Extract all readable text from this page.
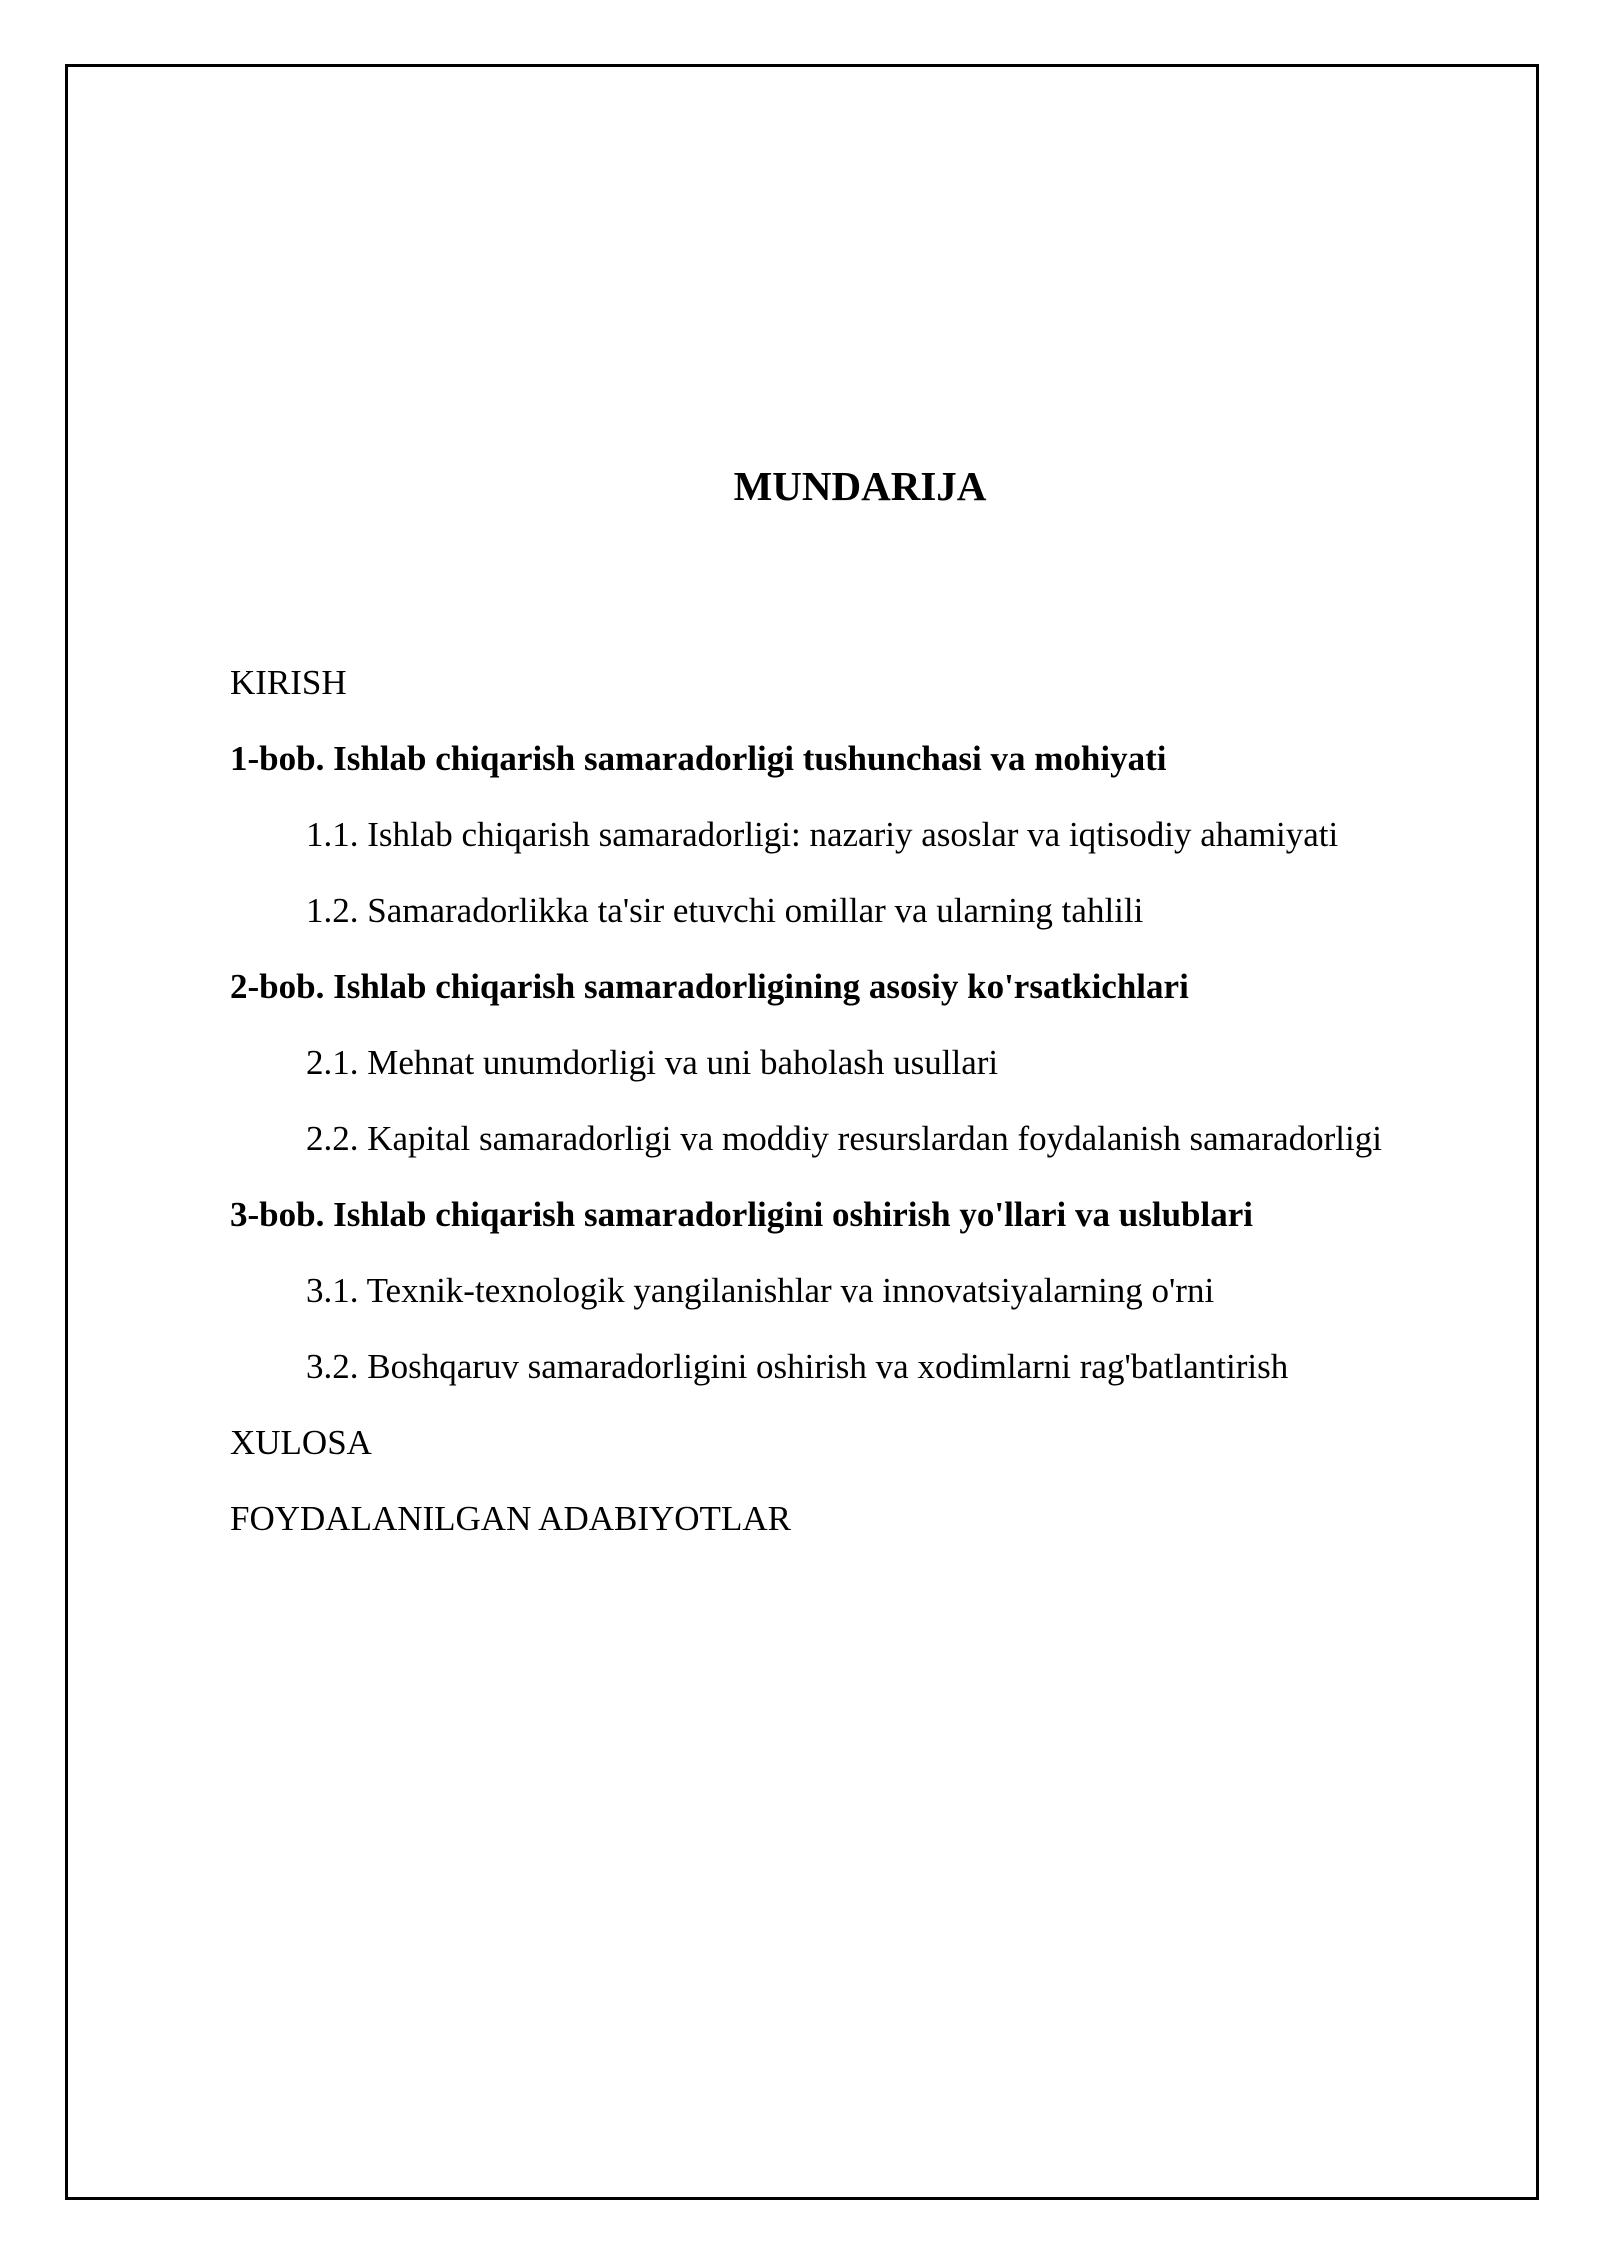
MUNDARIJA
KIRISH
1-bob. Ishlab chiqarish samaradorligi tushunchasi va mohiyati
1.1. Ishlab chiqarish samaradorligi: nazariy asoslar va iqtisodiy ahamiyati
1.2. Samaradorlikka ta'sir etuvchi omillar va ularning tahlili
2-bob. Ishlab chiqarish samaradorligining asosiy ko'rsatkichlari
2.1. Mehnat unumdorligi va uni baholash usullari
2.2. Kapital samaradorligi va moddiy resurslardan foydalanish samaradorligi
3-bob. Ishlab chiqarish samaradorligini oshirish yo'llari va uslublari
3.1. Texnik-texnologik yangilanishlar va innovatsiyalarning o'rni
3.2. Boshqaruv samaradorligini oshirish va xodimlarni rag'batlantirish
XULOSA
FOYDALANILGAN ADABIYOTLAR
